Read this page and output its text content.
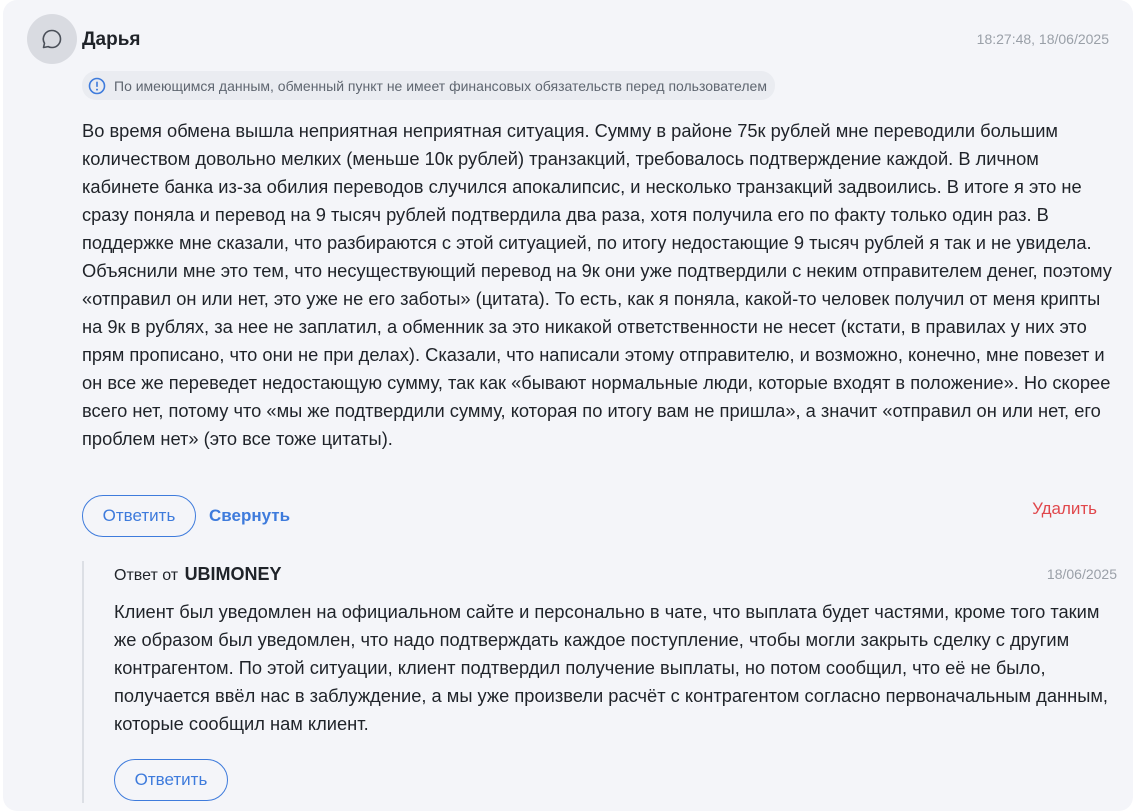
Дарья	18:27:48, 18/06/2025
По имеющимся данным, обменный пункт не имеет финансовых обязательств перед пользователем
Во время обмена вышла неприятная неприятная ситуация. Сумму в районе 75к рублей мне переводили большим количеством довольно мелких (меньше 10к рублей) транзакций, требовалось подтверждение каждой. В личном кабинете банка из-за обилия переводов случился апокалипсис, и несколько транзакций задвоились. В итоге я это не сразу поняла и перевод на 9 тысяч рублей подтвердила два раза, хотя получила его по факту только один раз. В поддержке мне сказали, что разбираются с этой ситуацией, по итогу недостающие 9 тысяч рублей я так и не увидела. Объяснили мне это тем, что несуществующий перевод на 9к они уже подтвердили с неким отправителем денег, поэтому «отправил он или нет, это уже не его заботы» (цитата). То есть, как я поняла, какой-то человек получил от меня крипты на 9к в рублях, за нее не заплатил, а обменник за это никакой ответственности не несет (кстати, в правилах у них это прям прописано, что они не при делах). Сказали, что написали этому отправителю, и возможно, конечно, мне повезет и он все же переведет недостающую сумму, так как «бывают нормальные люди, которые входят в положение». Но скорее всего нет, потому что «мы же подтвердили сумму, которая по итогу вам не пришла», а значит «отправил он или нет, его проблем нет» (это все тоже цитаты).
Ответить	Свернуть	Удалить
Ответ от UBIMONEY	18/06/2025
Клиент был уведомлен на официальном сайте и персонально в чате, что выплата будет частями, кроме того таким же образом был уведомлен, что надо подтверждать каждое поступление, чтобы могли закрыть сделку с другим контрагентом. По этой ситуации, клиент подтвердил получение выплаты, но потом сообщил, что её не было, получается ввёл нас в заблуждение, а мы уже произвели расчёт с контрагентом согласно первоначальным данным, которые сообщил нам клиент.
Ответить
